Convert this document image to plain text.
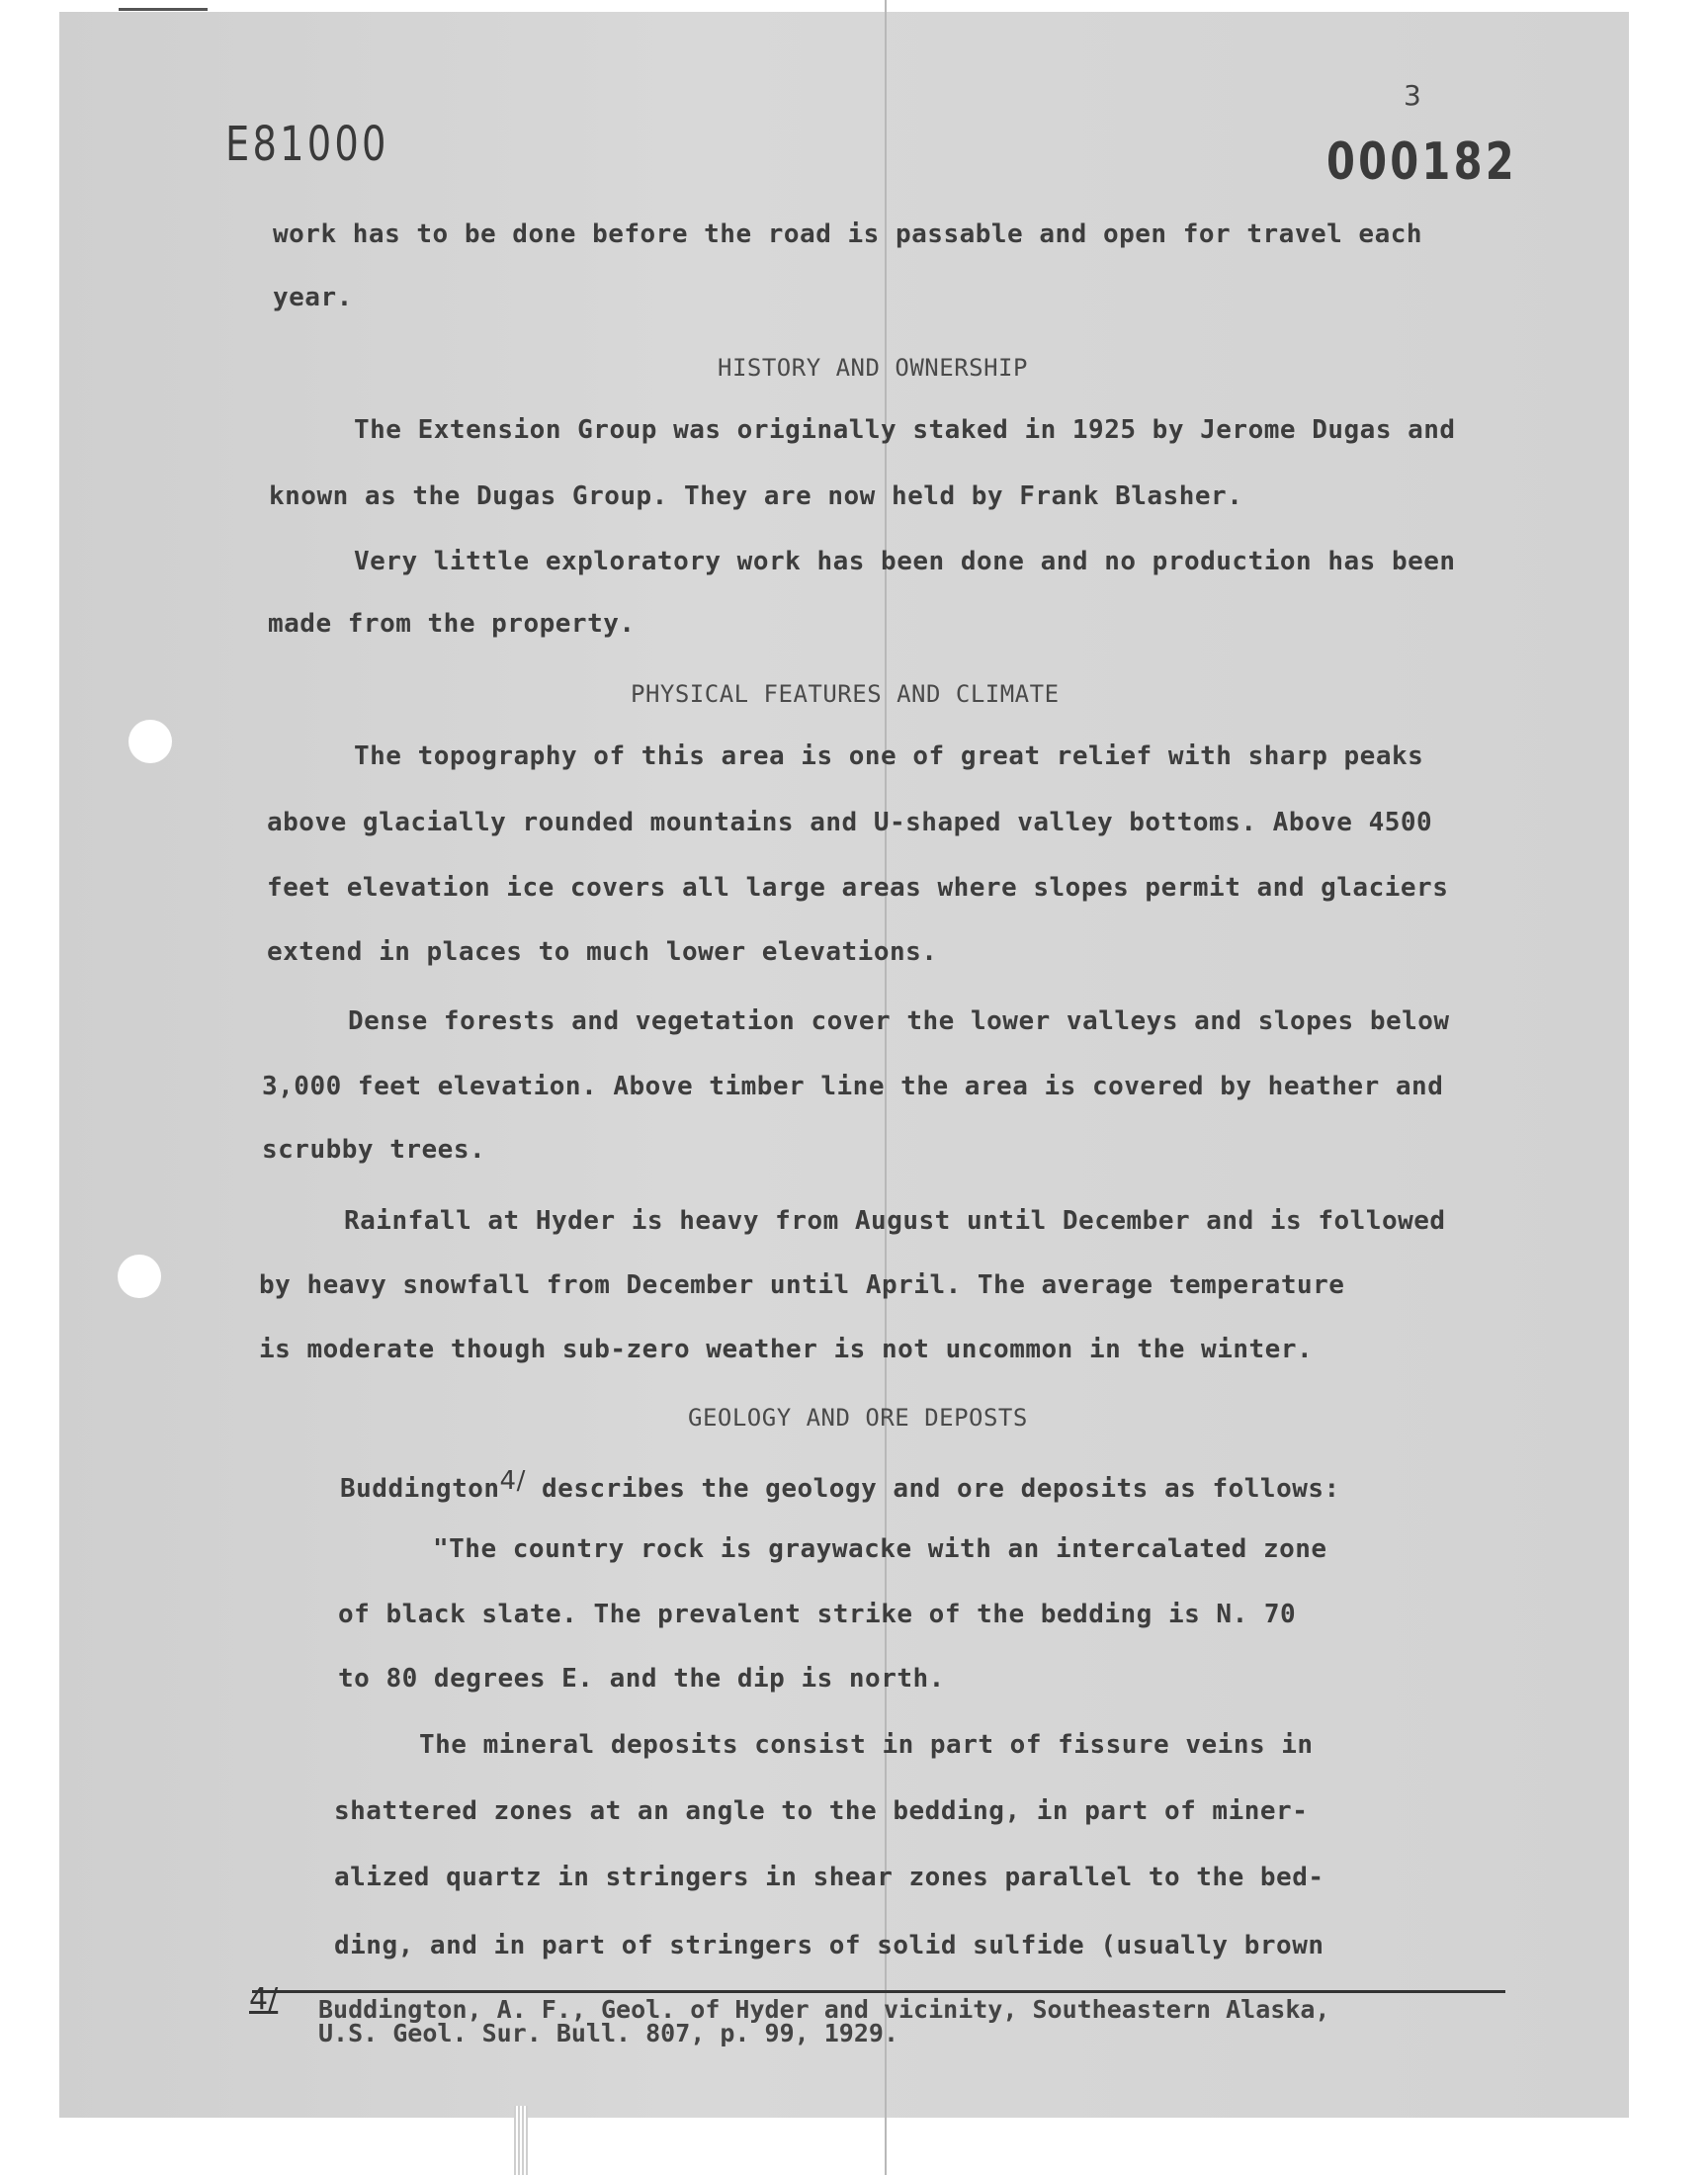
E81000
3
000182
work has to be done before the road is passable and open for travel each
year.
HISTORY AND OWNERSHIP
The Extension Group was originally staked in 1925 by Jerome Dugas and
known as the Dugas Group. They are now held by Frank Blasher.
Very little exploratory work has been done and no production has been
made from the property.
PHYSICAL FEATURES AND CLIMATE
The topography of this area is one of great relief with sharp peaks
above glacially rounded mountains and U-shaped valley bottoms. Above 4500
feet elevation ice covers all large areas where slopes permit and glaciers
extend in places to much lower elevations.
Dense forests and vegetation cover the lower valleys and slopes below
3,000 feet elevation. Above timber line the area is covered by heather and
scrubby trees.
Rainfall at Hyder is heavy from August until December and is followed
by heavy snowfall from December until April. The average temperature
is moderate though sub-zero weather is not uncommon in the winter.
GEOLOGY AND ORE DEPOSTS
Buddington4/ describes the geology and ore deposits as follows:
"The country rock is graywacke with an intercalated zone
of black slate. The prevalent strike of the bedding is N. 70
to 80 degrees E. and the dip is north.
The mineral deposits consist in part of fissure veins in
shattered zones at an angle to the bedding, in part of miner-
alized quartz in stringers in shear zones parallel to the bed-
ding, and in part of stringers of solid sulfide (usually brown
4/ Buddington, A. F., Geol. of Hyder and vicinity, Southeastern Alaska,
U.S. Geol. Sur. Bull. 807, p. 99, 1929.
